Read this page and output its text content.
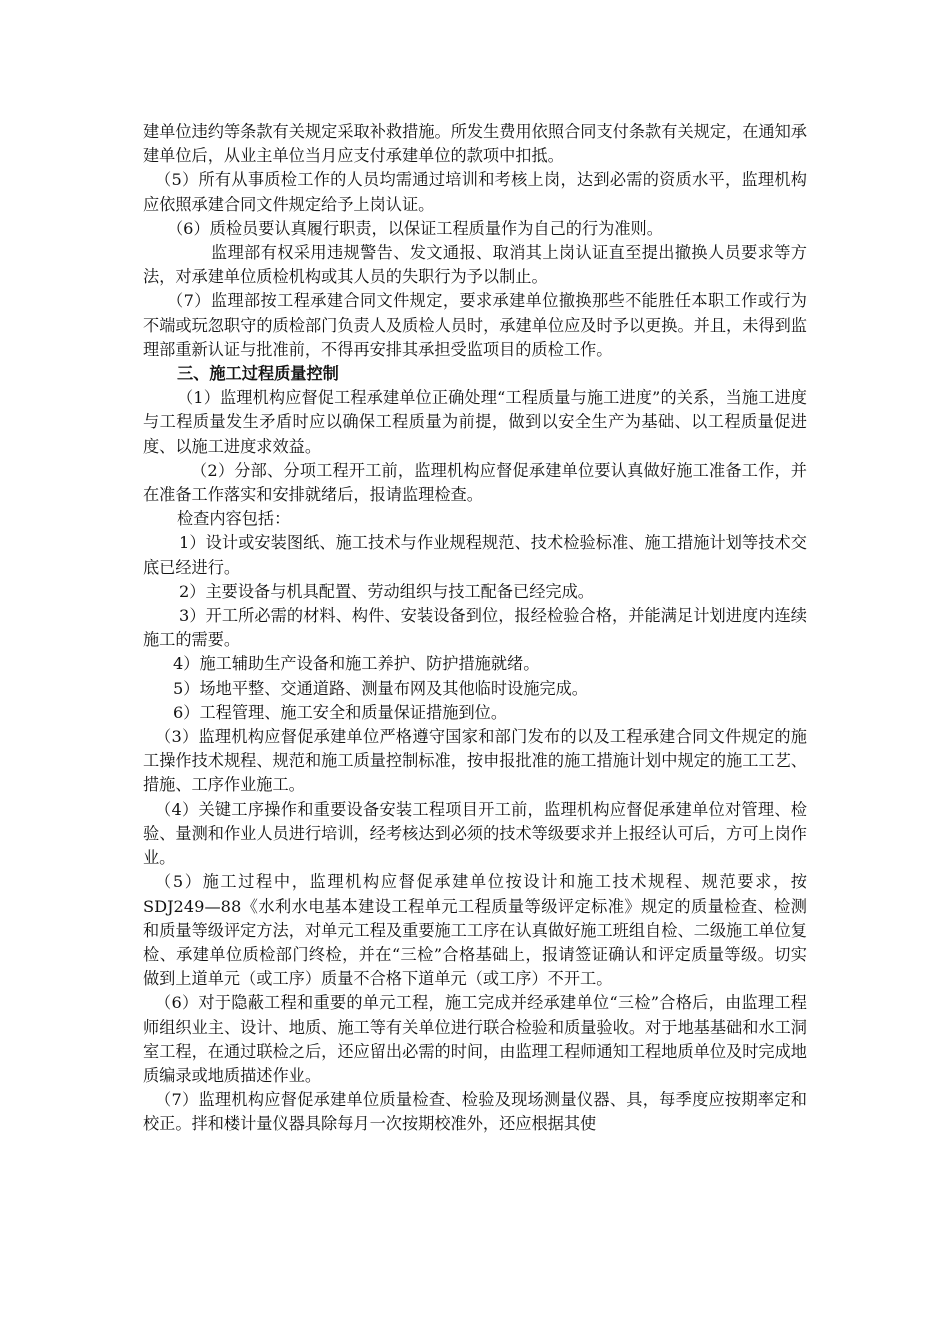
建单位违约等条款有关规定采取补救措施。所发生费用依照合同支付条款有关规定，在通知承建单位后，从业主单位当月应支付承建单位的款项中扣抵。

（5）所有从事质检工作的人员均需通过培训和考核上岗，达到必需的资质水平，监理机构应依照承建合同文件规定给予上岗认证。

（6）质检员要认真履行职责，以保证工程质量作为自己的行为准则。

监理部有权采用违规警告、发文通报、取消其上岗认证直至提出撤换人员要求等方法，对承建单位质检机构或其人员的失职行为予以制止。

（7）监理部按工程承建合同文件规定，要求承建单位撤换那些不能胜任本职工作或行为不端或玩忽职守的质检部门负责人及质检人员时，承建单位应及时予以更换。并且，未得到监理部重新认证与批准前，不得再安排其承担受监项目的质检工作。

三、施工过程质量控制

（1）监理机构应督促工程承建单位正确处理“工程质量与施工进度”的关系，当施工进度与工程质量发生矛盾时应以确保工程质量为前提，做到以安全生产为基础、以工程质量促进度、以施工进度求效益。

（2）分部、分项工程开工前，监理机构应督促承建单位要认真做好施工准备工作，并在准备工作落实和安排就绪后，报请监理检查。

检查内容包括：

1）设计或安装图纸、施工技术与作业规程规范、技术检验标准、施工措施计划等技术交底已经进行。

2）主要设备与机具配置、劳动组织与技工配备已经完成。

3）开工所必需的材料、构件、安装设备到位，报经检验合格，并能满足计划进度内连续施工的需要。

4）施工辅助生产设备和施工养护、防护措施就绪。

5）场地平整、交通道路、测量布网及其他临时设施完成。

6）工程管理、施工安全和质量保证措施到位。

（3）监理机构应督促承建单位严格遵守国家和部门发布的以及工程承建合同文件规定的施工操作技术规程、规范和施工质量控制标准，按申报批准的施工措施计划中规定的施工工艺、措施、工序作业施工。

（4）关键工序操作和重要设备安装工程项目开工前，监理机构应督促承建单位对管理、检验、量测和作业人员进行培训，经考核达到必须的技术等级要求并上报经认可后，方可上岗作业。

（5）施工过程中，监理机构应督促承建单位按设计和施工技术规程、规范要求，按SDJ249—88《水利水电基本建设工程单元工程质量等级评定标准》规定的质量检查、检测和质量等级评定方法，对单元工程及重要施工工序在认真做好施工班组自检、二级施工单位复检、承建单位质检部门终检，并在“三检”合格基础上，报请签证确认和评定质量等级。切实做到上道单元（或工序）质量不合格下道单元（或工序）不开工。

（6）对于隐蔽工程和重要的单元工程，施工完成并经承建单位“三检”合格后，由监理工程师组织业主、设计、地质、施工等有关单位进行联合检验和质量验收。对于地基基础和水工洞室工程，在通过联检之后，还应留出必需的时间，由监理工程师通知工程地质单位及时完成地质编录或地质描述作业。

（7）监理机构应督促承建单位质量检查、检验及现场测量仪器、具，每季度应按期率定和校正。拌和楼计量仪器具除每月一次按期校准外，还应根据其使
